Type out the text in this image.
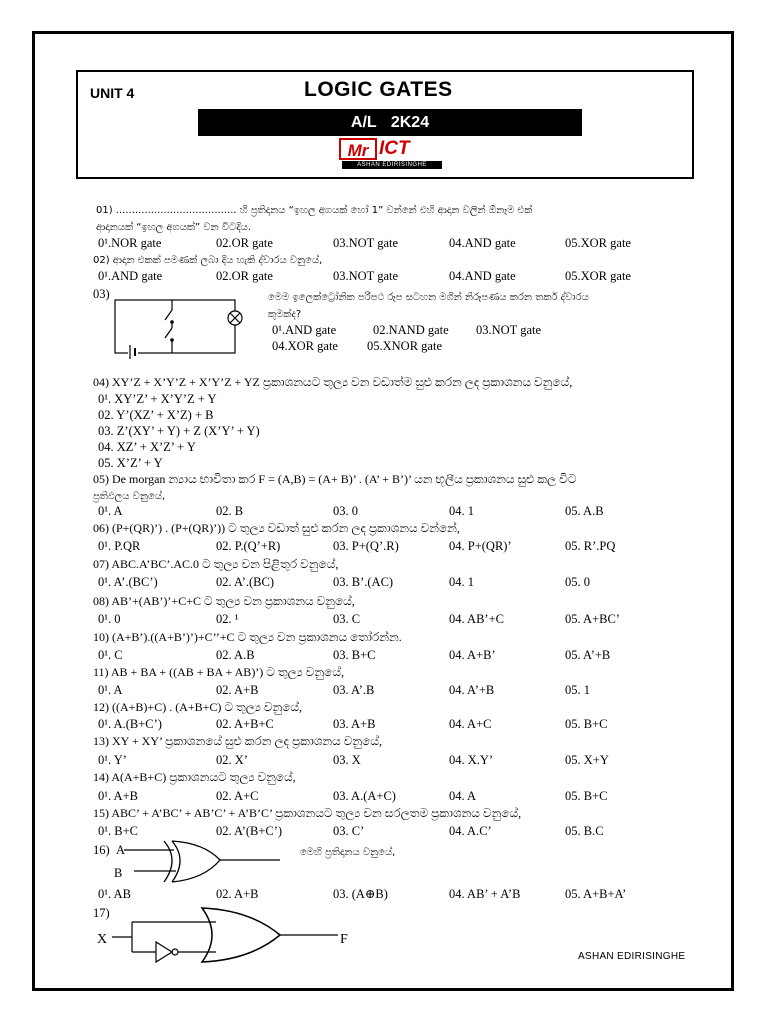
UNIT 4	LOGIC GATES
A/L 2K24
Mr ICT
ASHAN EDIRISINGHE
01) ...................................... හි ප්‍රතිදානය “ඉහල අගයක් හෝ 1” වන්නේ එහි ආදාන වලින් ඕනෑම එක්
ආදානයක් “ඉහල අගයක්” වන විටදිය.
0¹.NOR gate	02.OR gate	03.NOT gate	04.AND gate	05.XOR gate
02) ආදාන එකක් පමණක් ලබා දිය හැකි ද්වාරය වනුයේ,
0¹.AND gate	02.OR gate	03.NOT gate	04.AND gate	05.XOR gate
03)	මෙම ඉලෙක්ට්‍රෝනික පරිපථ රූප සටහන මගින් නිරූපණය කරන තර්ක ද්වාරය
කුමක්ද?
0¹.AND gate	02.NAND gate 03.NOT gate
04.XOR gate 05.XNOR gate
04) XY’Z + X’Y’Z + X’Y’Z + YZ ප්‍රකාශනයට තුල්‍ය වන වඩාත්ම සුළු කරන ලද ප්‍රකාශනය වනුයේ,
0¹. XY’Z’ + X’Y’Z + Y
02. Y’(XZ’ + X’Z) + B
03. Z’(XY’ + Y) + Z (X’Y’ + Y)
04. XZ’ + X’Z’ + Y
05. X’Z’ + Y
05) De morgan න්‍යාය භාවිතා කර F = (A,B) = (A+ B)’ . (A’ + B’)’ යන භූලීය ප්‍රකාශනය සුළු කල විට
ප්‍රතිඵලය වනුයේ,
0¹. A	02. B	03. 0	04. 1	05. A.B
06) (P+(QR)’) . (P+(QR)’)) ට තුල්‍ය වඩාත් සුළු කරන ලද ප්‍රකාශනය වන්නේ,
0¹. P.QR	02. P.(Q’+R)	03. P+(Q’.R)	04. P+(QR)’	05. R’.PQ
07) ABC.A’BC’.AC.0 ට තුල්‍ය වන පිළිතුර වනුයේ,
0¹. A’.(BC’)	02. A’.(BC)	03. B’.(AC)	04. 1	05. 0
08) AB’+(AB’)’+C+C ට තුල්‍ය වන ප්‍රකාශනය වනුයේ,
0¹. 0	02. ¹	03. C	04. AB’+C	05. A+BC’
10) (A+B’).((A+B’)’)+C’’+C ට තුල්‍ය වන ප්‍රකාශනය තෝරන්න.
0¹. C	02. A.B	03. B+C	04. A+B’	05. A’+B
11) AB + BA + ((AB + BA + AB)’) ට තුල්‍ය වනුයේ,
0¹. A	02. A+B	03. A’.B	04. A’+B	05. 1
12) ((A+B)+C) . (A+B+C) ට තුල්‍ය වනුයේ,
0¹. A.(B+C’)	02. A+B+C	03. A+B	04. A+C	05. B+C
13) XY + XY’ ප්‍රකාශනයේ සුළු කරන ලද ප්‍රකාශනය වනුයේ,
0¹. Y’	02. X’	03. X	04. X.Y’	05. X+Y
14) A(A+B+C) ප්‍රකාශනයට තුල්‍ය වනුයේ,
0¹. A+B	02. A+C	03. A.(A+C)	04. A	05. B+C
15) ABC’ + A’BC’ + AB’C’ + A’B’C’ ප්‍රකාශනයට තුල්‍ය වන සරලතම ප්‍රකාශනය වනුයේ,
0¹. B+C	02. A’(B+C’)	03. C’	04. A.C’	05. B.C
16) A
B
මෙහි ප්‍රතිදානය වනුයේ,
0¹. AB	02. A+B	03. (A⊕B)	04. AB’ + A’B	05. A+B+A’
17)
X	F
ASHAN EDIRISINGHE
